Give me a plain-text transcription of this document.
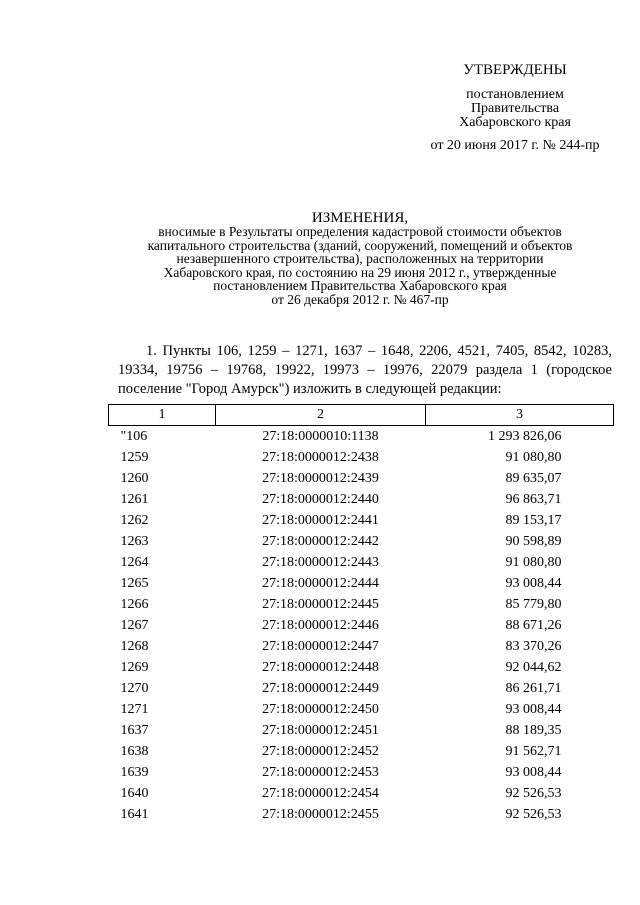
УТВЕРЖДЕНЫ
постановлением
Правительства
Хабаровского края
от 20 июня 2017 г. № 244-пр
ИЗМЕНЕНИЯ,
вносимые в Результаты определения кадастровой стоимости объектов
капитального строительства (зданий, сооружений, помещений и объектов
незавершенного строительства), расположенных на территории
Хабаровского края, по состоянию на 29 июня 2012 г., утвержденные
постановлением Правительства Хабаровского края
от 26 декабря 2012 г. № 467-пр
1. Пункты 106, 1259 – 1271, 1637 – 1648, 2206, 4521, 7405, 8542, 10283, 19334, 19756 – 19768, 19922, 19973 – 19976, 22079 раздела 1 (городское поселение "Город Амурск") изложить в следующей редакции:
1	2	3
"106	27:18:0000010:1138	1 293 826,06
1259	27:18:0000012:2438	91 080,80
1260	27:18:0000012:2439	89 635,07
1261	27:18:0000012:2440	96 863,71
1262	27:18:0000012:2441	89 153,17
1263	27:18:0000012:2442	90 598,89
1264	27:18:0000012:2443	91 080,80
1265	27:18:0000012:2444	93 008,44
1266	27:18:0000012:2445	85 779,80
1267	27:18:0000012:2446	88 671,26
1268	27:18:0000012:2447	83 370,26
1269	27:18:0000012:2448	92 044,62
1270	27:18:0000012:2449	86 261,71
1271	27:18:0000012:2450	93 008,44
1637	27:18:0000012:2451	88 189,35
1638	27:18:0000012:2452	91 562,71
1639	27:18:0000012:2453	93 008,44
1640	27:18:0000012:2454	92 526,53
1641	27:18:0000012:2455	92 526,53
